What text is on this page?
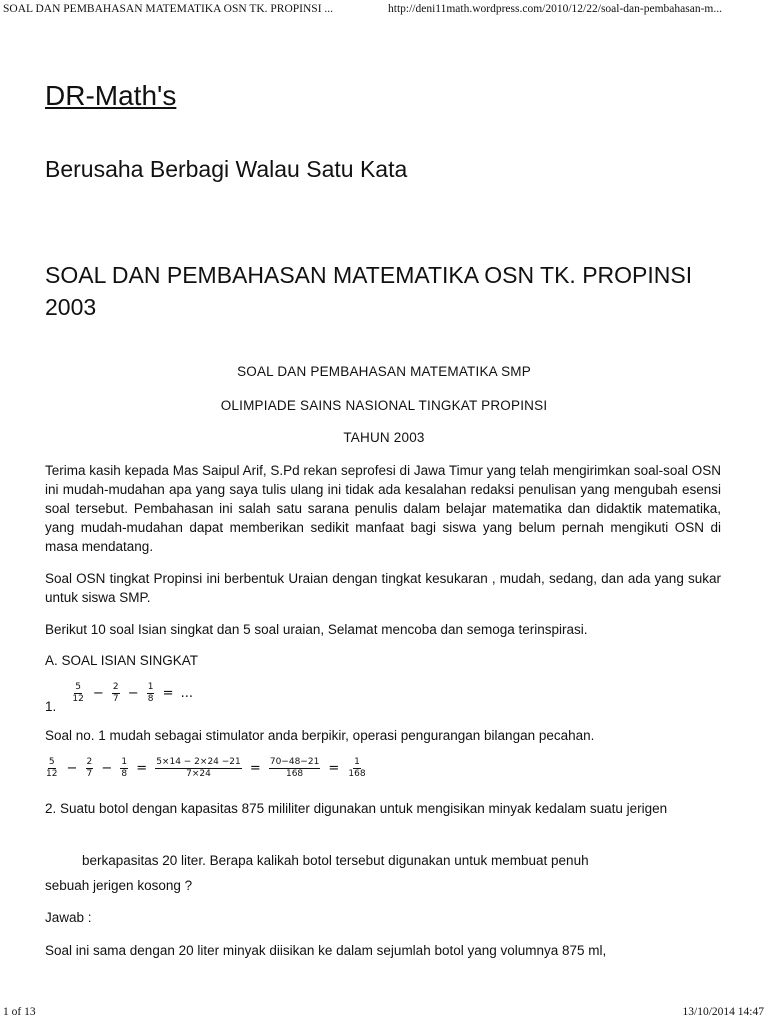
SOAL DAN PEMBAHASAN MATEMATIKA OSN TK. PROPINSI ...	http://deni11math.wordpress.com/2010/12/22/soal-dan-pembahasan-m...
DR-Math's
Berusaha Berbagi Walau Satu Kata
SOAL DAN PEMBAHASAN MATEMATIKA OSN TK. PROPINSI 2003
SOAL DAN PEMBAHASAN MATEMATIKA SMP
OLIMPIADE SAINS NASIONAL TINGKAT PROPINSI
TAHUN 2003

Terima kasih kepada Mas Saipul Arif, S.Pd rekan seprofesi di Jawa Timur yang telah mengirimkan soal-soal OSN ini mudah-mudahan apa yang saya tulis ulang ini tidak ada kesalahan redaksi penulisan yang mengubah esensi soal tersebut. Pembahasan ini salah satu sarana penulis dalam belajar matematika dan didaktik matematika, yang mudah-mudahan dapat memberikan sedikit manfaat bagi siswa yang belum pernah mengikuti OSN di masa mendatang.

Soal OSN tingkat Propinsi ini berbentuk Uraian dengan tingkat kesukaran , mudah, sedang, dan ada yang sukar untuk siswa SMP.

Berikut 10 soal Isian singkat dan 5 soal uraian, Selamat mencoba dan semoga terinspirasi.

A. SOAL ISIAN SINGKAT

$_{1.}$
$\frac{5}{12} - \frac{2}{7} - \frac{1}{8}$ = ...

Soal no. 1 mudah sebagai stimulator anda berpikir, operasi pengurangan bilangan pecahan.

$\frac{5}{12} - \frac{2}{7} - \frac{1}{8} = \frac{5\times 14 - 2\times 24 -21}{7\times 24} = \frac{70-48-21}{168} = \frac{1}{168}$

2. Suatu botol dengan kapasitas 875 mililiter digunakan untuk mengisikan minyak kedalam suatu jerigen

berkapasitas 20 liter. Berapa kalikah botol tersebut digunakan untuk membuat penuh

sebuah jerigen kosong ?

Jawab :

Soal ini sama dengan 20 liter minyak diisikan ke dalam sejumlah botol yang volumnya 875 ml,

1 of 13	13/10/2014 14:47
